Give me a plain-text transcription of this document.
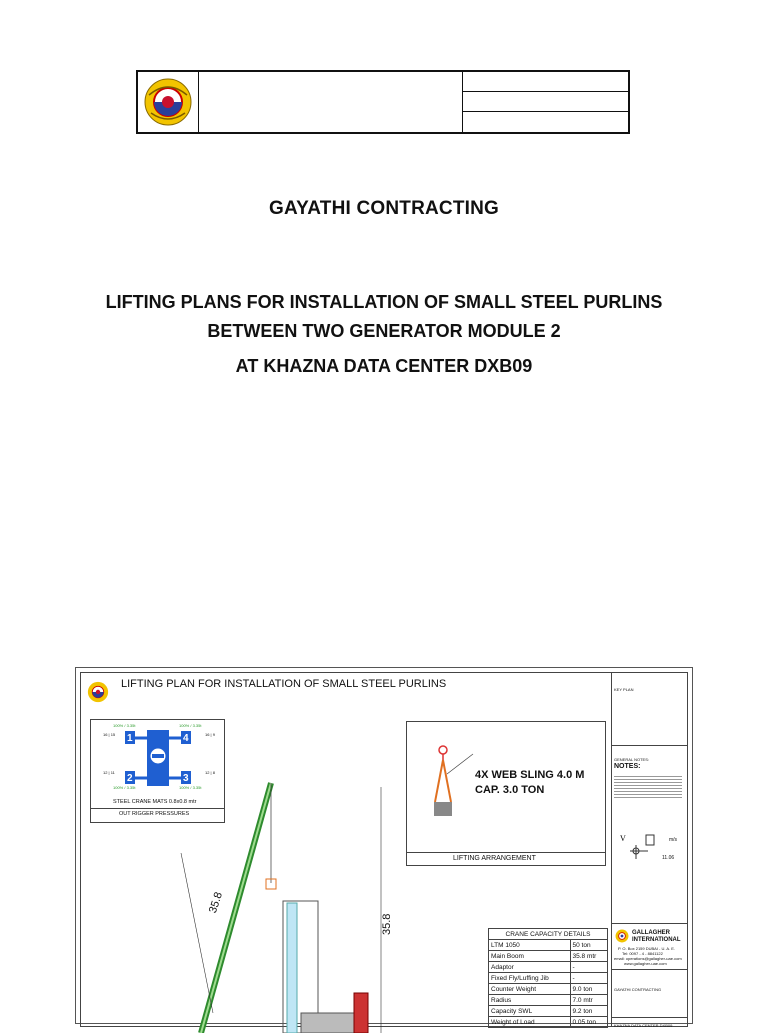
GAYATHI CONTRACTING
LIFTING PLANS FOR INSTALLATION OF SMALL STEEL PURLINS
BETWEEN TWO GENERATOR MODULE 2
AT KHAZNA DATA CENTER DXB09
LIFTING PLAN FOR INSTALLATION OF SMALL STEEL PURLINS
100% / 3.35t	100% / 3.35t
100% / 3.35t	100% / 3.35t
16 | 15	16 | 9
12 | 11	12 | 8
1	4
2	3
STEEL CRANE MATS 0.8x0.8 mtr
OUT RIGGER PRESSURES
4X WEB SLING 4.0 M
CAP. 3.0 TON
LIFTING ARRANGEMENT
35.8
35.8	CRANE CAPACITY DETAILS	
LTM 1050	50 ton
Main Boom	35.8 mtr
Adaptor	-
Fixed Fly/Luffing Jib	-
Counter Weight	9.0 ton
Radius	7.0 mtr
Capacity SWL	9.2 ton
Weight of Load	0.05 ton
KEY PLAN
GENERAL NOTES:
NOTES:
V	m/s
11.06
GALLAGHER
INTERNATIONAL
P. O. Box 2159 DUBAI - U. A. E.
Tel: 0097 - 4 - 8841122
email: operations@gallagher-uae.com
www.gallagher-uae.com
GAYATHI CONTRACTING
KHAZNA DATA CENTER DXB09
